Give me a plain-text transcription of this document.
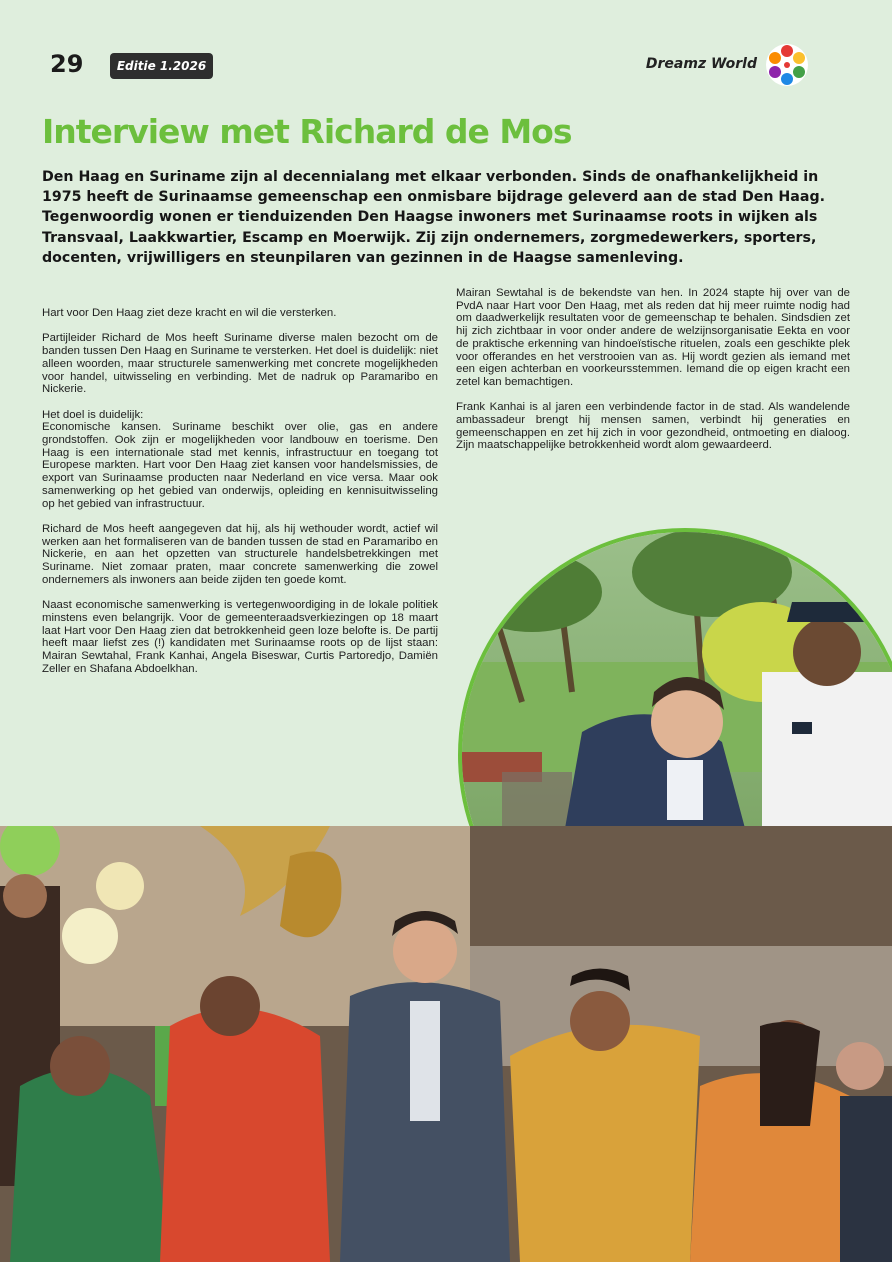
29	Editie 1.2026	Dreamz World
Interview met Richard de Mos

Den Haag en Suriname zijn al decennialang met elkaar verbonden. Sinds de onafhankelijkheid in 1975 heeft de Surinaamse gemeenschap een onmisbare bijdrage geleverd aan de stad Den Haag. Tegenwoordig wonen er tienduizenden Den Haagse inwoners met Surinaamse roots in wijken als Transvaal, Laakkwartier, Escamp en Moerwijk. Zij zijn ondernemers, zorgmedewerkers, sporters, docenten, vrijwilligers en steunpilaren van gezinnen in de Haagse samenleving.

Hart voor Den Haag ziet deze kracht en wil die versterken.

Partijleider Richard de Mos heeft Suriname diverse malen bezocht om de banden tussen Den Haag en Suriname te versterken. Het doel is duidelijk: niet alleen woorden, maar structurele samenwerking met concrete mogelijkheden voor handel, uitwisseling en verbinding. Met de nadruk op Paramaribo en Nickerie.

Het doel is duidelijk:

Economische kansen. Suriname beschikt over olie, gas en andere grondstoffen. Ook zijn er mogelijkheden voor landbouw en toerisme. Den Haag is een internationale stad met kennis, infrastructuur en toegang tot Europese markten. Hart voor Den Haag ziet kansen voor handelsmissies, de export van Surinaamse producten naar Nederland en vice versa. Maar ook samenwerking op het gebied van onderwijs, opleiding en kennisuitwisseling op het gebied van infrastructuur.

Richard de Mos heeft aangegeven dat hij, als hij wethouder wordt, actief wil werken aan het formaliseren van de banden tussen de stad en Paramaribo en Nickerie, en aan het opzetten van structurele handelsbetrekkingen met Suriname. Niet zomaar praten, maar concrete samenwerking die zowel ondernemers als inwoners aan beide zijden ten goede komt.

Naast economische samenwerking is vertegenwoordiging in de lokale politiek minstens even belangrijk. Voor de gemeenteraadsverkiezingen op 18 maart laat Hart voor Den Haag zien dat betrokkenheid geen loze belofte is. De partij heeft maar liefst zes (!) kandidaten met Surinaamse roots op de lijst staan: Mairan Sewtahal, Frank Kanhai, Angela Biseswar, Curtis Partoredjo, Damiën Zeller en Shafana Abdoelkhan.

Mairan Sewtahal is de bekendste van hen. In 2024 stapte hij over van de PvdA naar Hart voor Den Haag, met als reden dat hij meer ruimte nodig had om daadwerkelijk resultaten voor de gemeenschap te behalen. Sindsdien zet hij zich zichtbaar in voor onder andere de welzijnsorganisatie Eekta en voor de praktische erkenning van hindoeïstische rituelen, zoals een geschikte plek voor offerandes en het verstrooien van as. Hij wordt gezien als iemand met een eigen achterban en voorkeursstemmen. Iemand die op eigen kracht een zetel kan bemachtigen.

Frank Kanhai is al jaren een verbindende factor in de stad. Als wandelende ambassadeur brengt hij mensen samen, verbindt hij generaties en gemeenschappen en zet hij zich in voor gezondheid, ontmoeting en dialoog. Zijn maatschappelijke betrokkenheid wordt alom gewaardeerd.
